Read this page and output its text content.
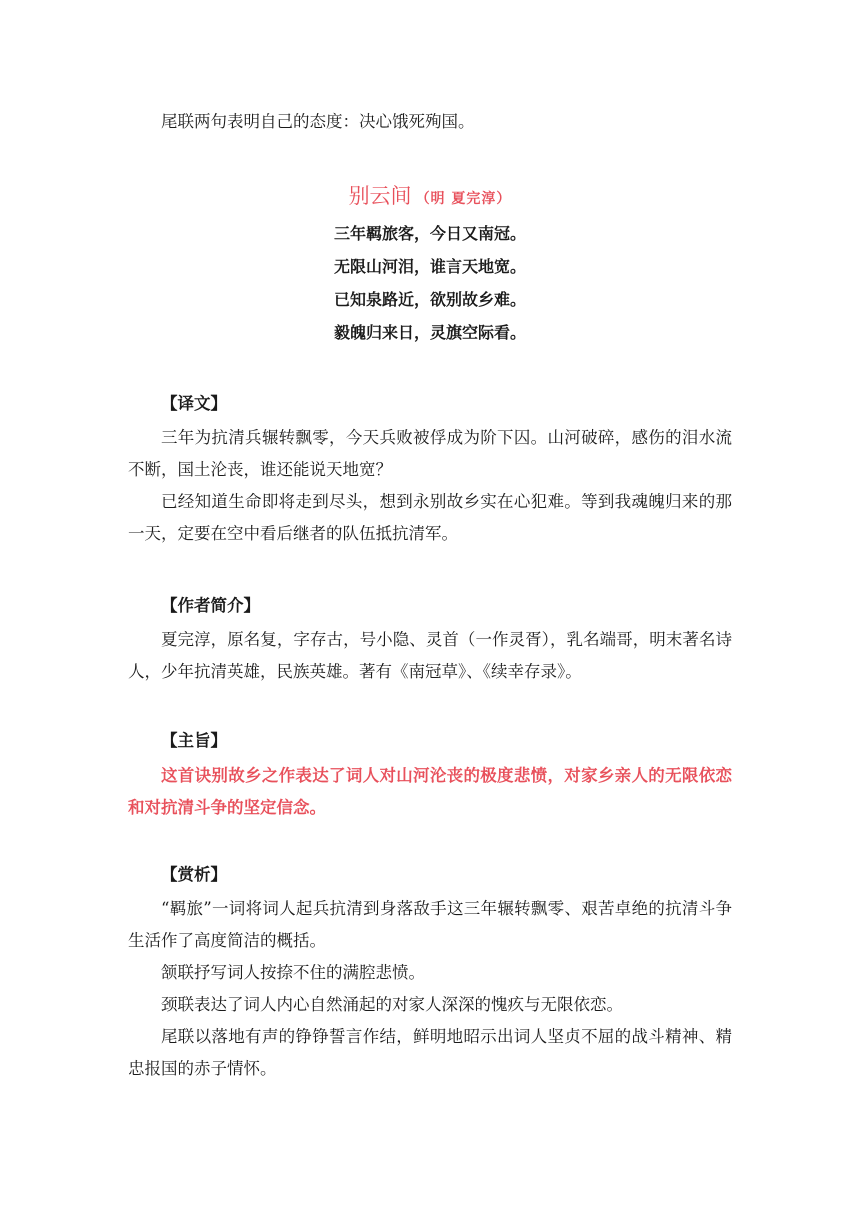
尾联两句表明自己的态度：决心饿死殉国。

别云间 （明 夏完淳）
三年羁旅客，今日又南冠。
无限山河泪，谁言天地宽。
已知泉路近，欲别故乡难。
毅魄归来日，灵旗空际看。
【译文】

三年为抗清兵辗转飘零，今天兵败被俘成为阶下囚。山河破碎，感伤的泪水流不断，国土沦丧，谁还能说天地宽？

已经知道生命即将走到尽头，想到永别故乡实在心犯难。等到我魂魄归来的那一天，定要在空中看后继者的队伍抵抗清军。

【作者简介】

夏完淳，原名复，字存古，号小隐、灵首（一作灵胥），乳名端哥，明末著名诗人，少年抗清英雄，民族英雄。著有《南冠草》、《续幸存录》。

【主旨】

这首诀别故乡之作表达了词人对山河沦丧的极度悲愤，对家乡亲人的无限依恋和对抗清斗争的坚定信念。

【赏析】

“羁旅”一词将词人起兵抗清到身落敌手这三年辗转飘零、艰苦卓绝的抗清斗争生活作了高度简洁的概括。

颔联抒写词人按捺不住的满腔悲愤。

颈联表达了词人内心自然涌起的对家人深深的愧疚与无限依恋。

尾联以落地有声的铮铮誓言作结，鲜明地昭示出词人坚贞不屈的战斗精神、精忠报国的赤子情怀。
